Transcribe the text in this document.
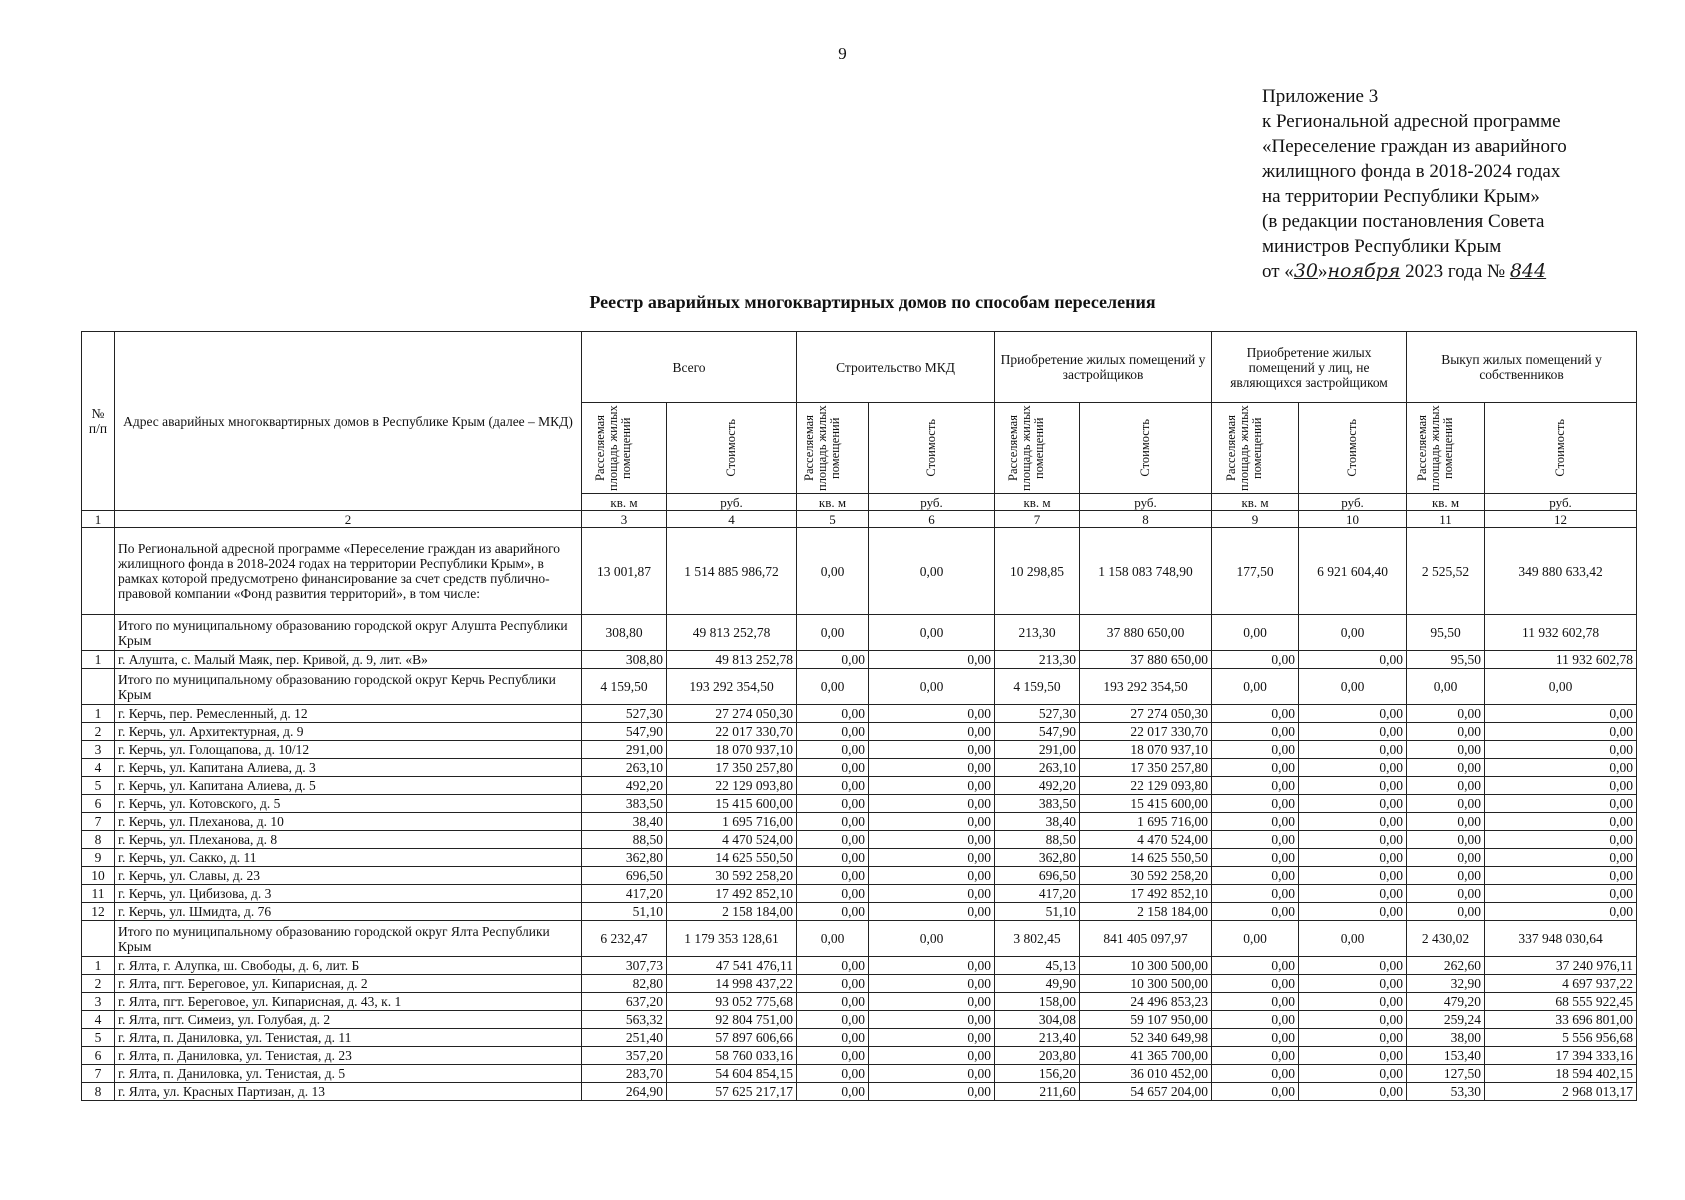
9
Приложение 3
к Региональной адресной программе
«Переселение граждан из аварийного
жилищного фонда в 2018-2024 годах
на территории Республики Крым»
(в редакции постановления Совета
министров Республики Крым
от «30»ноября 2023 года № 844
Реестр аварийных многоквартирных домов по способам переселения
№ п/п	Адрес аварийных многоквартирных домов в Республике Крым (далее – МКД)	Всего		Строительство МКД		Приобретение жилых помещений у застройщиков		Приобретение жилых помещений у лиц, не являющихся застройщиком		Выкуп жилых помещений у собственников	

		Расселяемая площадь жилых помещений	Стоимость	Расселяемая площадь жилых помещений	Стоимость	Расселяемая площадь жилых помещений	Стоимость	Расселяемая площадь жилых помещений	Стоимость	Расселяемая площадь жилых помещений	Стоимость

		кв. м	руб.	кв. м	руб.	кв. м	руб.	кв. м	руб.	кв. м	руб.
1	2	3	4	5	6	7	8	9	10	11	12
	По Региональной адресной программе «Переселение граждан из аварийного жилищного фонда в 2018-2024 годах на территории Республики Крым», в рамках которой предусмотрено финансирование за счет средств публично-правовой компании «Фонд развития территорий», в том числе:	13 001,87	1 514 885 986,72	0,00	0,00	10 298,85	1 158 083 748,90	177,50	6 921 604,40	2 525,52	349 880 633,42
	Итого по муниципальному образованию городской округ Алушта Республики Крым	308,80	49 813 252,78	0,00	0,00	213,30	37 880 650,00	0,00	0,00	95,50	11 932 602,78
1	г. Алушта, с. Малый Маяк, пер. Кривой, д. 9, лит. «В»	308,80	49 813 252,78	0,00	0,00	213,30	37 880 650,00	0,00	0,00	95,50	11 932 602,78
	Итого по муниципальному образованию городской округ Керчь Республики Крым	4 159,50	193 292 354,50	0,00	0,00	4 159,50	193 292 354,50	0,00	0,00	0,00	0,00
1	г. Керчь, пер. Ремесленный, д. 12	527,30	27 274 050,30	0,00	0,00	527,30	27 274 050,30	0,00	0,00	0,00	0,00
2	г. Керчь, ул. Архитектурная, д. 9	547,90	22 017 330,70	0,00	0,00	547,90	22 017 330,70	0,00	0,00	0,00	0,00
3	г. Керчь, ул. Голощапова, д. 10/12	291,00	18 070 937,10	0,00	0,00	291,00	18 070 937,10	0,00	0,00	0,00	0,00
4	г. Керчь, ул. Капитана Алиева, д. 3	263,10	17 350 257,80	0,00	0,00	263,10	17 350 257,80	0,00	0,00	0,00	0,00
5	г. Керчь, ул. Капитана Алиева, д. 5	492,20	22 129 093,80	0,00	0,00	492,20	22 129 093,80	0,00	0,00	0,00	0,00
6	г. Керчь, ул. Котовского, д. 5	383,50	15 415 600,00	0,00	0,00	383,50	15 415 600,00	0,00	0,00	0,00	0,00
7	г. Керчь, ул. Плеханова, д. 10	38,40	1 695 716,00	0,00	0,00	38,40	1 695 716,00	0,00	0,00	0,00	0,00
8	г. Керчь, ул. Плеханова, д. 8	88,50	4 470 524,00	0,00	0,00	88,50	4 470 524,00	0,00	0,00	0,00	0,00
9	г. Керчь, ул. Сакко, д. 11	362,80	14 625 550,50	0,00	0,00	362,80	14 625 550,50	0,00	0,00	0,00	0,00
10	г. Керчь, ул. Славы, д. 23	696,50	30 592 258,20	0,00	0,00	696,50	30 592 258,20	0,00	0,00	0,00	0,00
11	г. Керчь, ул. Цибизова, д. 3	417,20	17 492 852,10	0,00	0,00	417,20	17 492 852,10	0,00	0,00	0,00	0,00
12	г. Керчь, ул. Шмидта, д. 76	51,10	2 158 184,00	0,00	0,00	51,10	2 158 184,00	0,00	0,00	0,00	0,00
	Итого по муниципальному образованию городской округ Ялта Республики Крым	6 232,47	1 179 353 128,61	0,00	0,00	3 802,45	841 405 097,97	0,00	0,00	2 430,02	337 948 030,64
1	г. Ялта, г. Алупка, ш. Свободы, д. 6, лит. Б	307,73	47 541 476,11	0,00	0,00	45,13	10 300 500,00	0,00	0,00	262,60	37 240 976,11
2	г. Ялта, пгт. Береговое, ул. Кипарисная, д. 2	82,80	14 998 437,22	0,00	0,00	49,90	10 300 500,00	0,00	0,00	32,90	4 697 937,22
3	г. Ялта, пгт. Береговое, ул. Кипарисная, д. 43, к. 1	637,20	93 052 775,68	0,00	0,00	158,00	24 496 853,23	0,00	0,00	479,20	68 555 922,45
4	г. Ялта, пгт. Симеиз, ул. Голубая, д. 2	563,32	92 804 751,00	0,00	0,00	304,08	59 107 950,00	0,00	0,00	259,24	33 696 801,00
5	г. Ялта, п. Даниловка, ул. Тенистая, д. 11	251,40	57 897 606,66	0,00	0,00	213,40	52 340 649,98	0,00	0,00	38,00	5 556 956,68
6	г. Ялта, п. Даниловка, ул. Тенистая, д. 23	357,20	58 760 033,16	0,00	0,00	203,80	41 365 700,00	0,00	0,00	153,40	17 394 333,16
7	г. Ялта, п. Даниловка, ул. Тенистая, д. 5	283,70	54 604 854,15	0,00	0,00	156,20	36 010 452,00	0,00	0,00	127,50	18 594 402,15
8	г. Ялта, ул. Красных Партизан, д. 13	264,90	57 625 217,17	0,00	0,00	211,60	54 657 204,00	0,00	0,00	53,30	2 968 013,17
